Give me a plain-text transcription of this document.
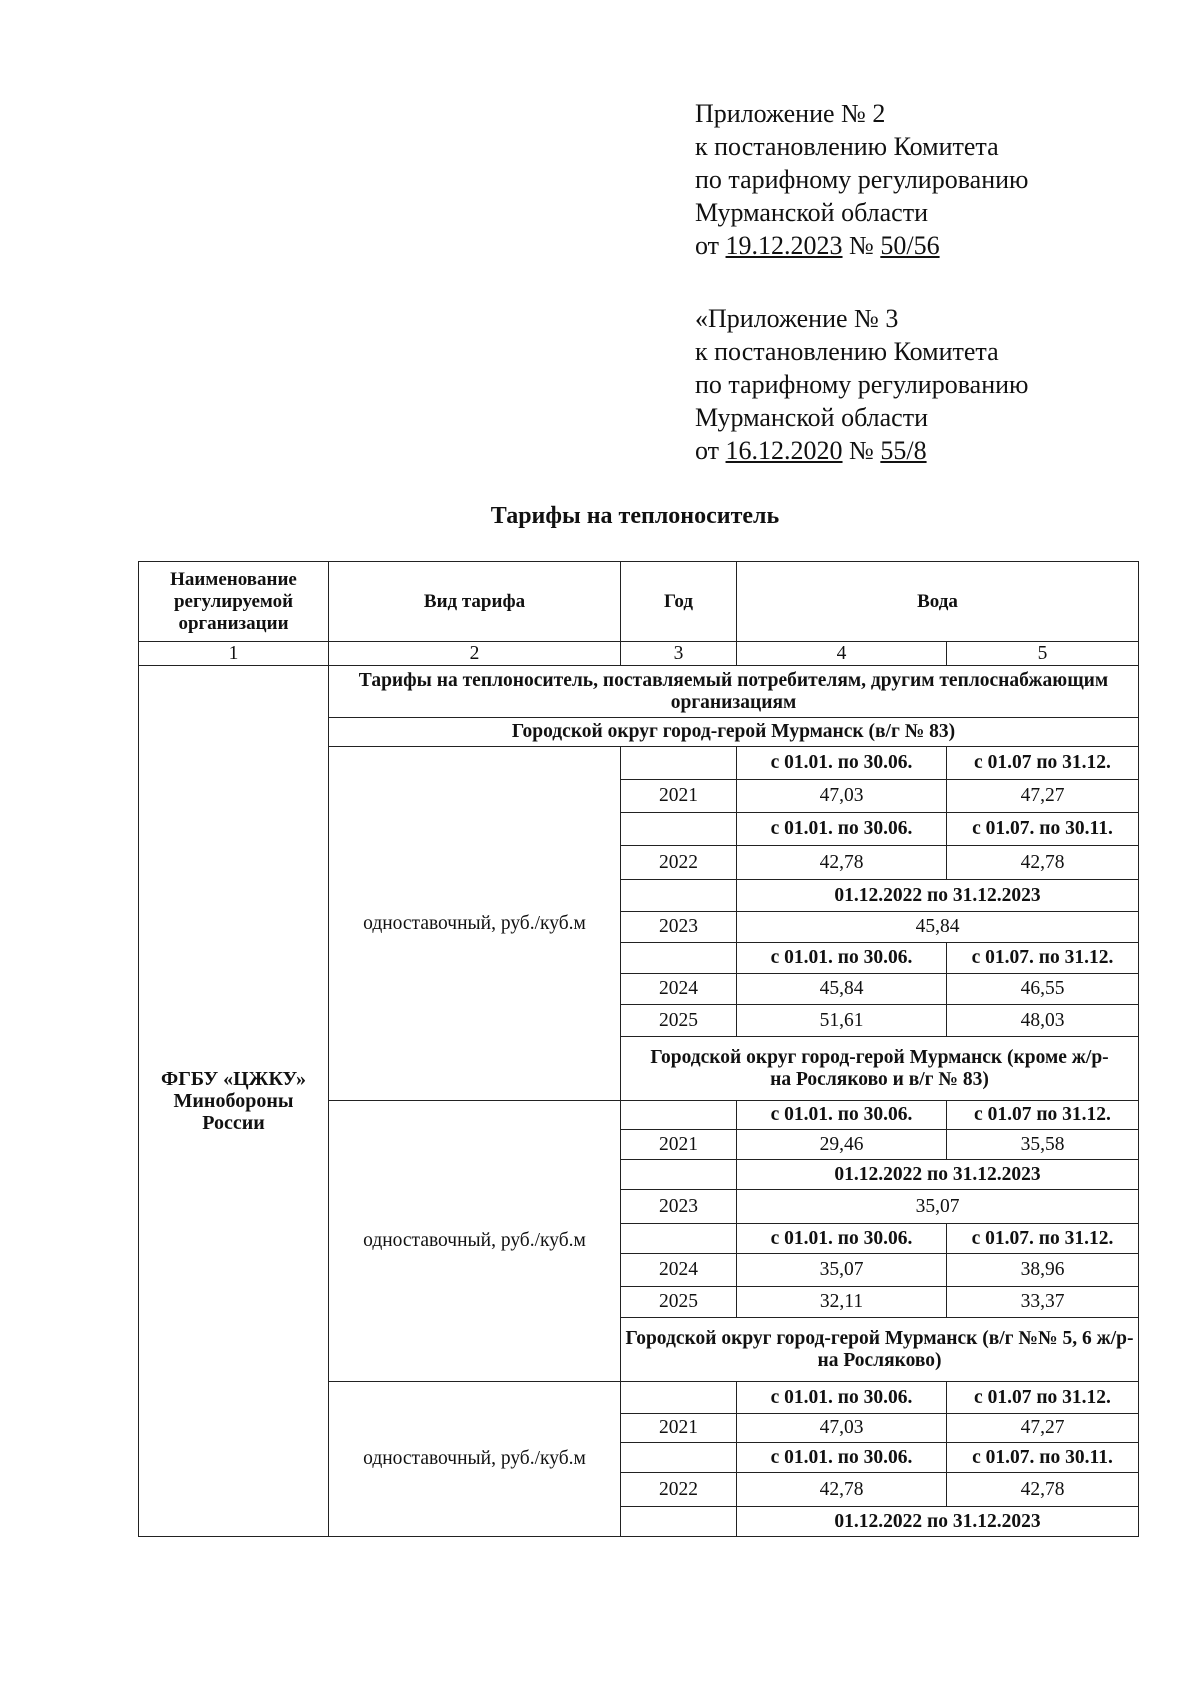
Приложение № 2
к постановлению Комитета
по тарифному регулированию
Мурманской области
от 19.12.2023 № 50/56
«Приложение № 3
к постановлению Комитета
по тарифному регулированию
Мурманской области
от 16.12.2020 № 55/8
Тарифы на теплоноситель
Наименование регулируемой организации	Вид тарифа	Год	Вода	
1	2	3	4	5
ФГБУ «ЦЖКУ» Минобороны России	Тарифы на теплоноситель, поставляемый потребителям, другим теплоснабжающим организациям			
	Городской округ город-герой Мурманск (в/г № 83)			
	одноставочный, руб./куб.м		с 01.01. по 30.06.	с 01.07 по 31.12.
		2021	47,03	47,27
			с 01.01. по 30.06.	с 01.07. по 30.11.
		2022	42,78	42,78
			01.12.2022 по 31.12.2023	
		2023	45,84	
			с 01.01. по 30.06.	с 01.07. по 31.12.
		2024	45,84	46,55
		2025	51,61	48,03
		Городской округ город-герой Мурманск (кроме ж/р-на Росляково и в/г № 83)		
	одноставочный, руб./куб.м		с 01.01. по 30.06.	с 01.07 по 31.12.
		2021	29,46	35,58
			01.12.2022 по 31.12.2023	
		2023	35,07	
			с 01.01. по 30.06.	с 01.07. по 31.12.
		2024	35,07	38,96
		2025	32,11	33,37
		Городской округ город-герой Мурманск (в/г №№ 5, 6 ж/р-на Росляково)		
	одноставочный, руб./куб.м		с 01.01. по 30.06.	с 01.07 по 31.12.
		2021	47,03	47,27
			с 01.01. по 30.06.	с 01.07. по 30.11.
		2022	42,78	42,78
			01.12.2022 по 31.12.2023	
